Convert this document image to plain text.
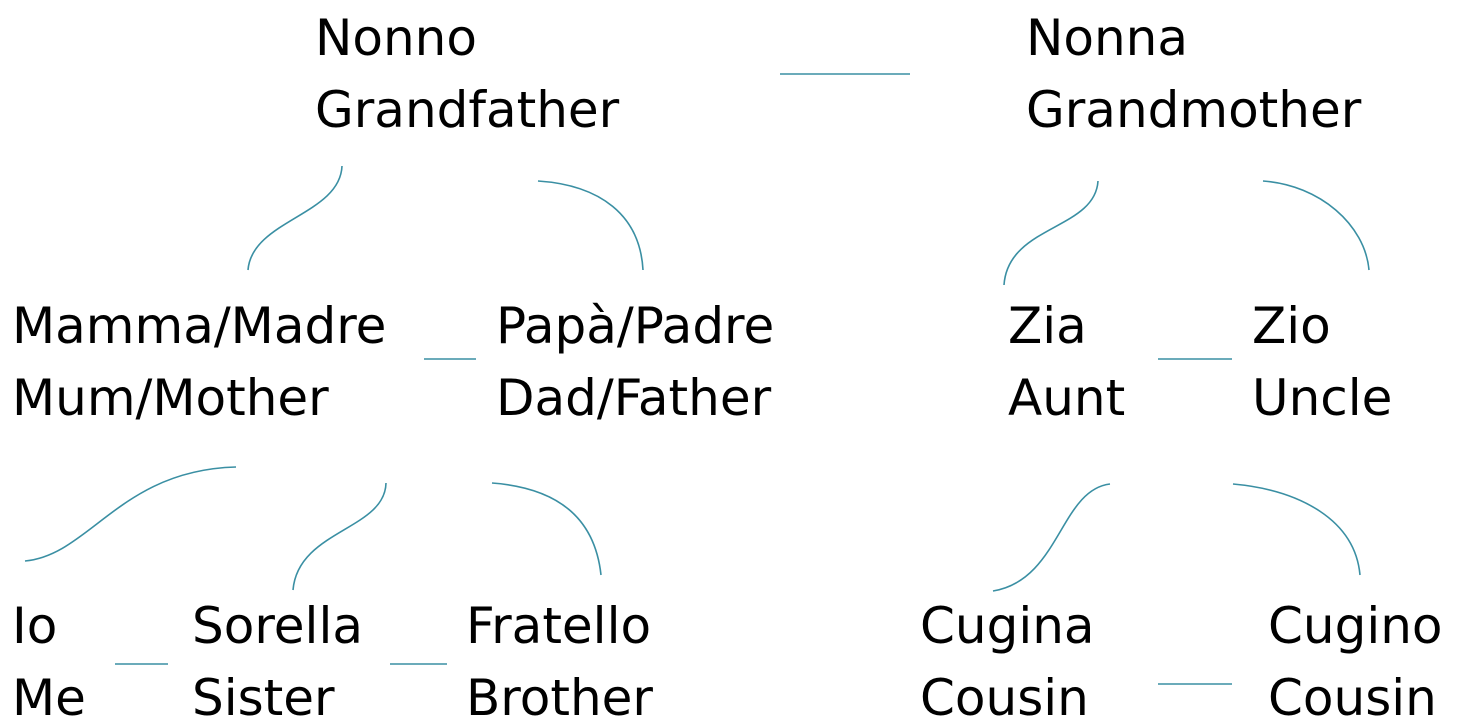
Nonno
Grandfather
Nonna
Grandmother
Mamma/Madre
Mum/Mother
Papà/Padre
Dad/Father
Zia
Aunt
Zio
Uncle
Io
Me
Sorella
Sister
Fratello
Brother
Cugina
Cousin
Cugino
Cousin
